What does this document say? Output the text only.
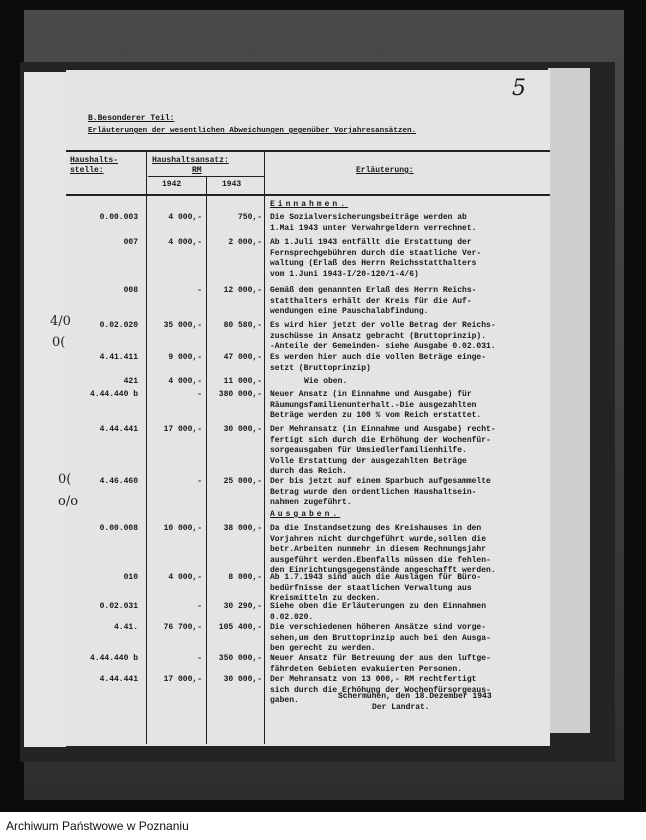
5
B.Besonderer Teil:
Erläuterungen der wesentlichen Abweichungen gegenüber Vorjahresansätzen.
Haushalts-stelle:
Haushaltsansatz:
RM
1942	1943
Erläuterung:
Einnahmen.
0.00.003	4 000,-	750,- Die Sozialversicherungsbeiträge werden ab
1.Mai 1943 unter Verwahrgeldern verrechnet.
007	4 000,-	2 000,- Ab 1.Juli 1943 entfällt die Erstattung der
Fernsprechgebühren durch die staatliche Ver-
waltung (Erlaß des Herrn Reichsstatthalters
vom 1.Juni 1943-I/20-120/1-4/6)
008	-	12 000,- Gemäß dem genannten Erlaß des Herrn Reichs-
statthalters erhält der Kreis für die Auf-
wendungen eine Pauschalabfindung.
0.02.020	35 000,-	80 580,- Es wird hier jetzt der volle Betrag der Reichs-
zuschüsse in Ansatz gebracht (Bruttoprinzip).
-Anteile der Gemeinden- siehe Ausgabe 0.02.031.
4.41.411	9 000,-	47 000,- Es werden hier auch die vollen Beträge einge-
setzt (Bruttoprinzip)
421	4 000,-	11 000,-	Wie oben.
4.44.440 b	-	380 000,- Neuer Ansatz (in Einnahme und Ausgabe) für
Räumungsfamilienunterhalt.-Die ausgezahlten
Beträge werden zu 100 % vom Reich erstattet.
4.44.441	17 000,-	30 000,- Der Mehransatz (in Einnahme und Ausgabe) recht-
fertigt sich durch die Erhöhung der Wochenfür-
sorgeausgaben für Umsiedlerfamilienhilfe.
Volle Erstattung der ausgezahlten Beträge
durch das Reich.
4.46.460	-	25 000,- Der bis jetzt auf einem Sparbuch aufgesammelte
Betrag wurde den ordentlichen Haushaltsein-
nahmen zugeführt.
Ausgaben.
0.00.008	10 000,-	38 000,- Da die Instandsetzung des Kreishauses in den
Vorjahren nicht durchgeführt wurde,sollen die
betr.Arbeiten nunmehr in diesem Rechnungsjahr
ausgeführt werden.Ebenfalls müssen die fehlen-
den Einrichtungsgegenstände angeschafft werden.
010	4 000,-	8 000,- Ab 1.7.1943 sind auch die Auslagen für Büro-
bedürfnisse der staatlichen Verwaltung aus
Kreismitteln zu decken.
0.02.031	-	30 290,- Siehe oben die Erläuterungen zu den Einnahmen
0.02.020.
4.41.	76 700,-	105 400,- Die verschiedenen höheren Ansätze sind vorge-
sehen,um den Bruttoprinzip auch bei den Ausga-
ben gerecht zu werden.
4.44.440 b	-	350 000,- Neuer Ansatz für Betreuung der aus den luftge-
fährdeten Gebieten evakuierten Personen.
4.44.441	17 000,-	30 000,- Der Mehransatz von 13 000,- RM rechtfertigt
sich durch die Erhöhung der Wochenfürsorgeaus-
gaben.	Schermühen, den 18.Dezember 1943
Der Landrat.
4/0
0(
0(
o/o
Archiwum Państwowe w Poznaniu
